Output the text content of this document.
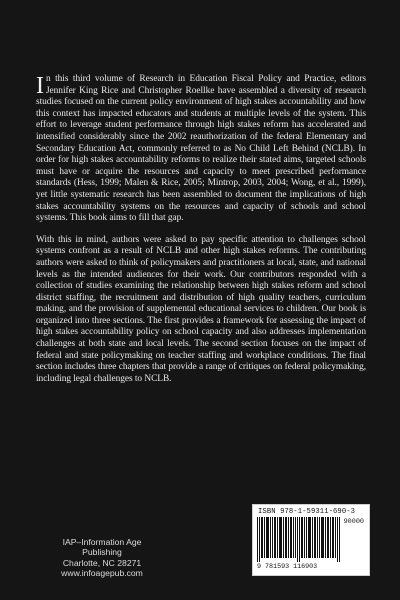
In this third volume of Research in Education Fiscal Policy and Practice, editors Jennifer King Rice and Christopher Roellke have assembled a diversity of research studies focused on the current policy environment of high stakes accountability and how this context has impacted educators and students at multiple levels of the system. This effort to leverage student performance through high stakes reform has accelerated and intensified considerably since the 2002 reauthorization of the federal Elementary and Secondary Education Act, commonly referred to as No Child Left Behind (NCLB). In order for high stakes accountability reforms to realize their stated aims, targeted schools must have or acquire the resources and capacity to meet prescribed performance standards (Hess, 1999; Malen & Rice, 2005; Mintrop, 2003, 2004; Wong, et al., 1999), yet little systematic research has been assembled to document the implications of high stakes accountability systems on the resources and capacity of schools and school systems. This book aims to fill that gap.

With this in mind, authors were asked to pay specific attention to challenges school systems confront as a result of NCLB and other high stakes reforms. The contributing authors were asked to think of policymakers and practitioners at local, state, and national levels as the intended audiences for their work. Our contributors responded with a collection of studies examining the relationship between high stakes reform and school district staffing, the recruitment and distribution of high quality teachers, curriculum making, and the provision of supplemental educational services to children. Our book is organized into three sections. The first provides a framework for assessing the impact of high stakes accountability policy on school capacity and also addresses implementation challenges at both state and local levels. The second section focuses on the impact of federal and state policymaking on teacher staffing and workplace conditions. The final section includes three chapters that provide a range of critiques on federal policymaking, including legal challenges to NCLB.

IAP–Information Age Publishing
Charlotte, NC 28271
www.infoagepub.com
ISBN 978-1-59311-690-3
90000
9 781593 116903
